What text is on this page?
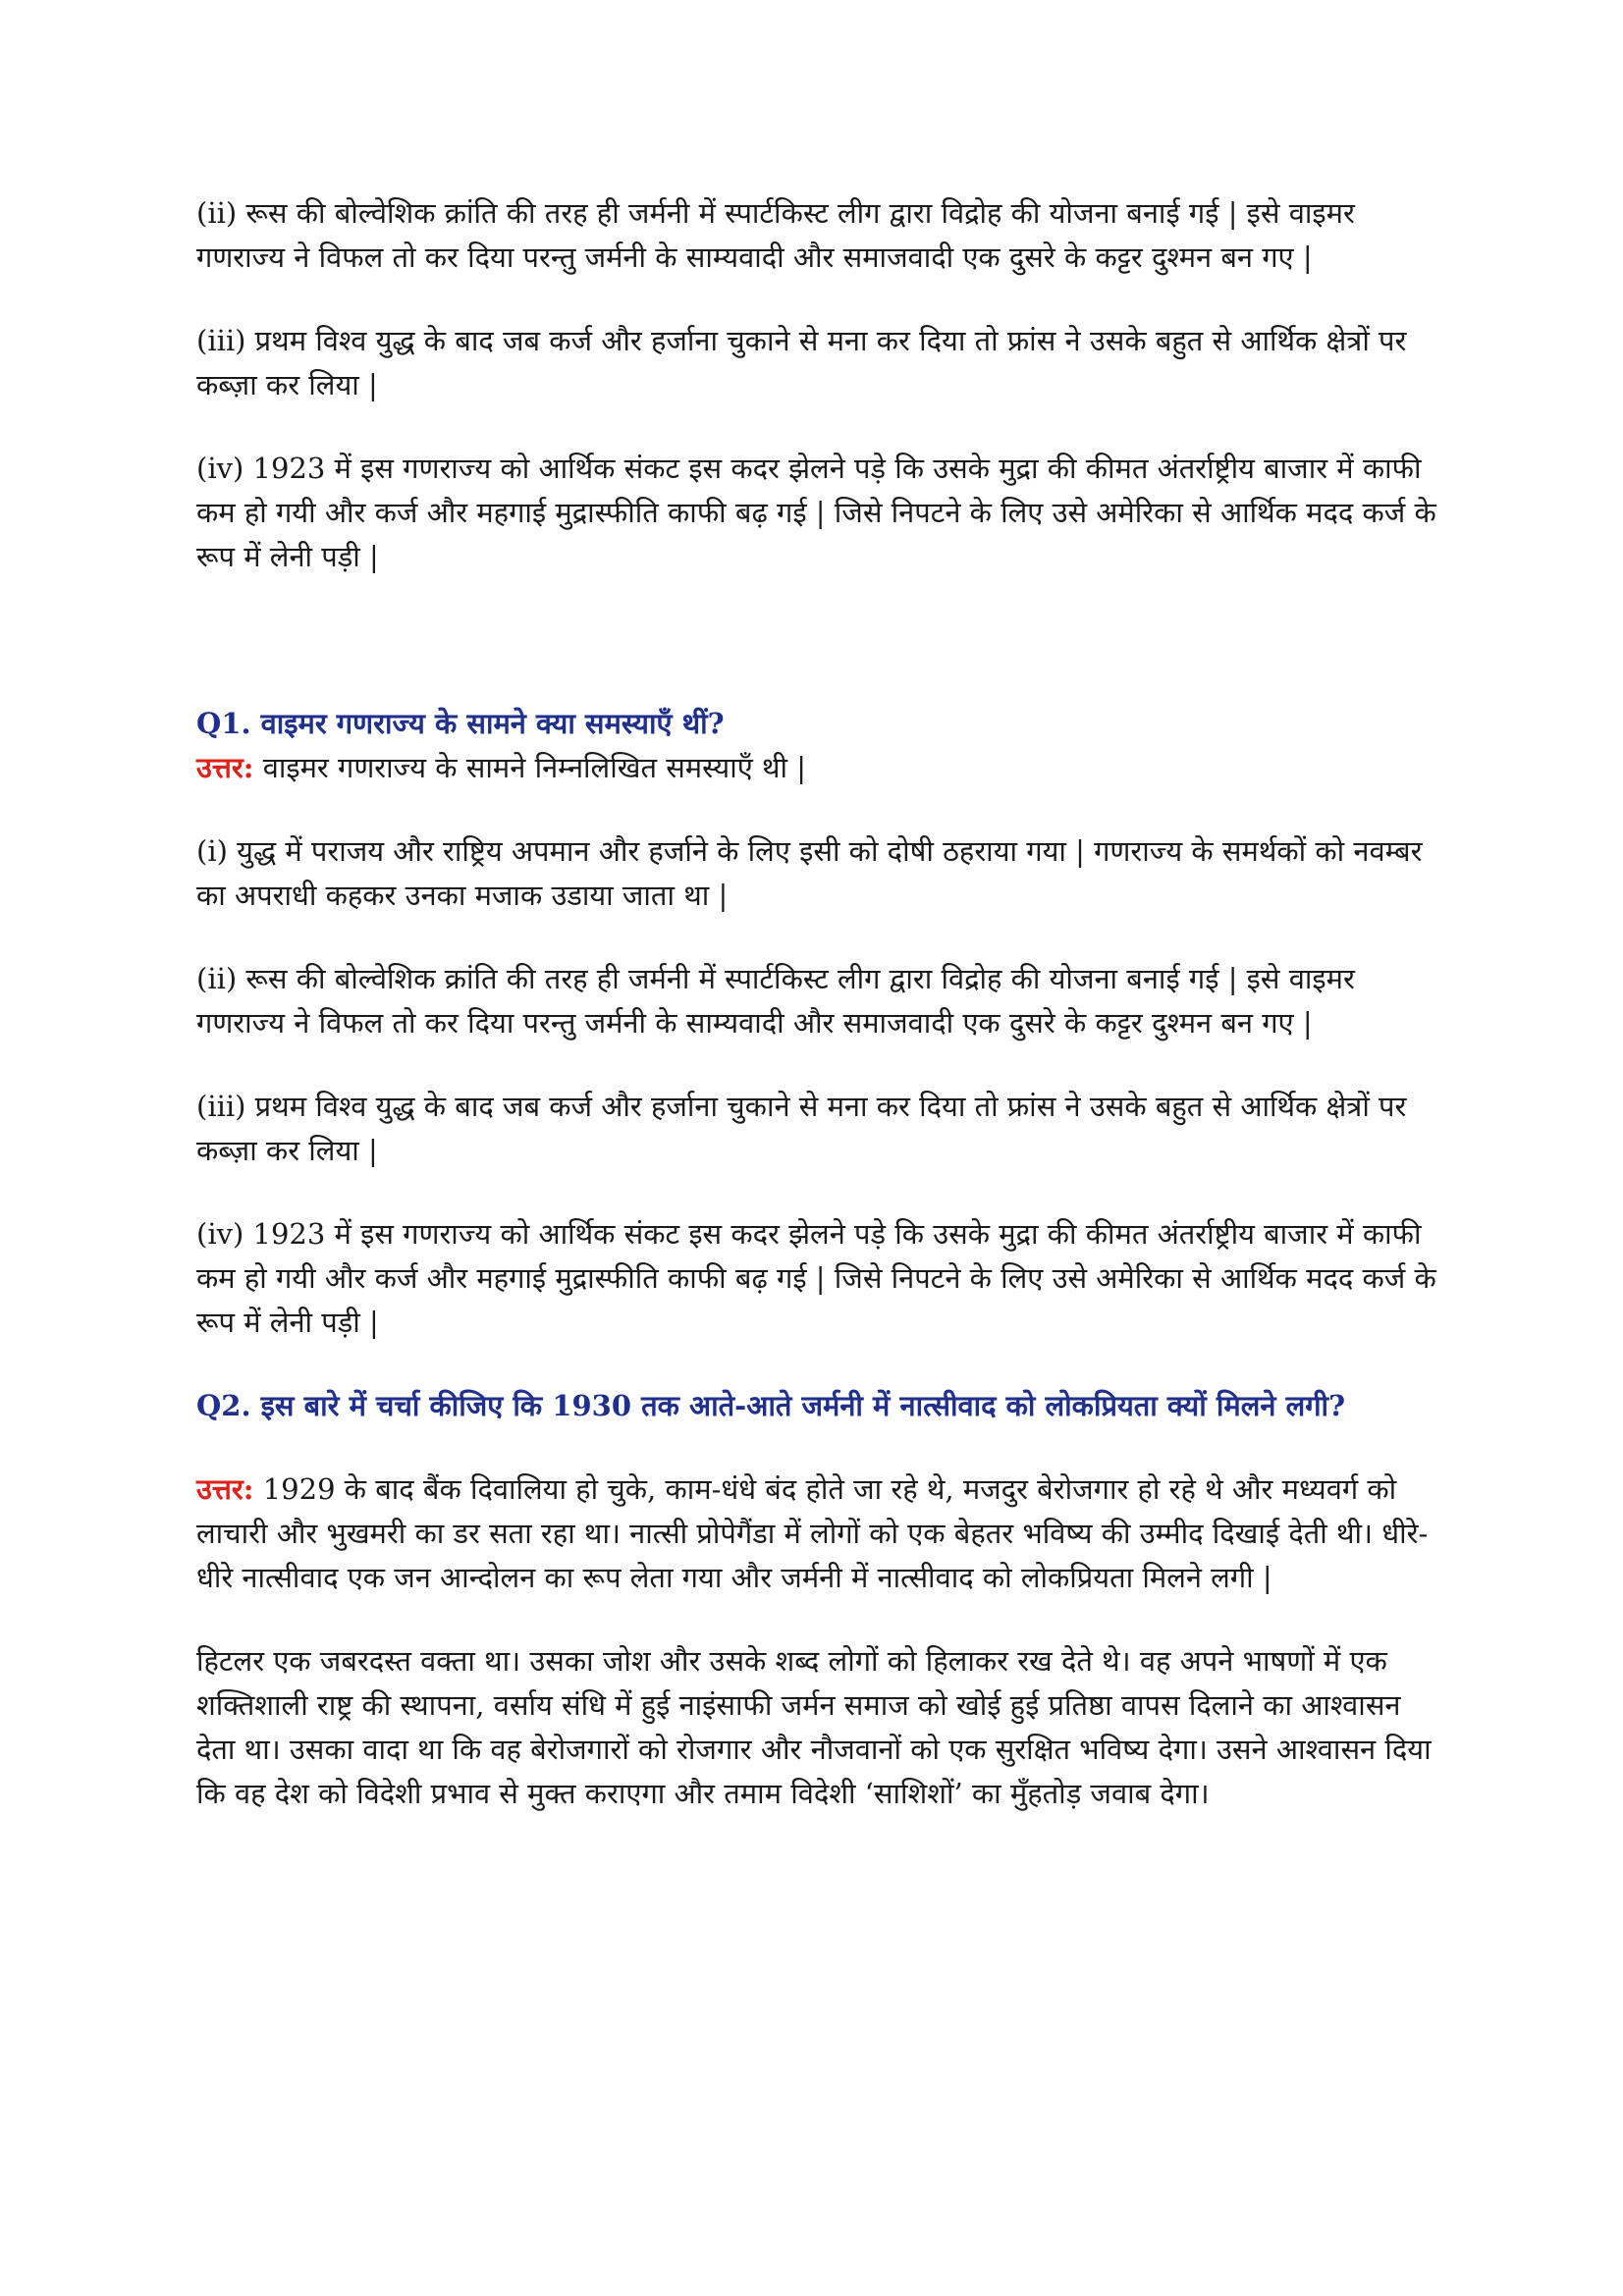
(ii) रूस की बोल्वेशिक क्रांति की तरह ही जर्मनी में स्पार्टकिस्ट लीग द्वारा विद्रोह की योजना बनाई गई | इसे वाइमर गणराज्य ने विफल तो कर दिया परन्तु जर्मनी के साम्यवादी और समाजवादी एक दुसरे के कट्टर दुश्मन बन गए |

(iii) प्रथम विश्व युद्ध के बाद जब कर्ज और हर्जाना चुकाने से मना कर दिया तो फ्रांस ने उसके बहुत से आर्थिक क्षेत्रों पर कब्ज़ा कर लिया |

(iv) 1923 में इस गणराज्य को आर्थिक संकट इस कदर झेलने पड़े कि उसके मुद्रा की कीमत अंतर्राष्ट्रीय बाजार में काफी कम हो गयी और कर्ज और महगाई मुद्रास्फीति काफी बढ़ गई | जिसे निपटने के लिए उसे अमेरिका से आर्थिक मदद कर्ज के रूप में लेनी पड़ी |

Q1. वाइमर गणराज्य के सामने क्या समस्याएँ थीं?

उत्तर: वाइमर गणराज्य के सामने निम्नलिखित समस्याएँ थी |

(i) युद्ध में पराजय और राष्ट्रिय अपमान और हर्जाने के लिए इसी को दोषी ठहराया गया | गणराज्य के समर्थकों को नवम्बर का अपराधी कहकर उनका मजाक उडाया जाता था |

(ii) रूस की बोल्वेशिक क्रांति की तरह ही जर्मनी में स्पार्टकिस्ट लीग द्वारा विद्रोह की योजना बनाई गई | इसे वाइमर गणराज्य ने विफल तो कर दिया परन्तु जर्मनी के साम्यवादी और समाजवादी एक दुसरे के कट्टर दुश्मन बन गए |

(iii) प्रथम विश्व युद्ध के बाद जब कर्ज और हर्जाना चुकाने से मना कर दिया तो फ्रांस ने उसके बहुत से आर्थिक क्षेत्रों पर कब्ज़ा कर लिया |

(iv) 1923 में इस गणराज्य को आर्थिक संकट इस कदर झेलने पड़े कि उसके मुद्रा की कीमत अंतर्राष्ट्रीय बाजार में काफी कम हो गयी और कर्ज और महगाई मुद्रास्फीति काफी बढ़ गई | जिसे निपटने के लिए उसे अमेरिका से आर्थिक मदद कर्ज के रूप में लेनी पड़ी |

Q2. इस बारे में चर्चा कीजिए कि 1930 तक आते-आते जर्मनी में नात्सीवाद को लोकप्रियता क्यों मिलने लगी?

उत्तर: 1929 के बाद बैंक दिवालिया हो चुके, काम-धंधे बंद होते जा रहे थे, मजदुर बेरोजगार हो रहे थे और मध्यवर्ग को लाचारी और भुखमरी का डर सता रहा था। नात्सी प्रोपेगैंडा में लोगों को एक बेहतर भविष्य की उम्मीद दिखाई देती थी। धीरे-धीरे नात्सीवाद एक जन आन्दोलन का रूप लेता गया और जर्मनी में नात्सीवाद को लोकप्रियता मिलने लगी |

हिटलर एक जबरदस्त वक्ता था। उसका जोश और उसके शब्द लोगों को हिलाकर रख देते थे। वह अपने भाषणों में एक शक्तिशाली राष्ट्र की स्थापना, वर्साय संधि में हुई नाइंसाफी जर्मन समाज को खोई हुई प्रतिष्ठा वापस दिलाने का आश्वासन देता था। उसका वादा था कि वह बेरोजगारों को रोजगार और नौजवानों को एक सुरक्षित भविष्य देगा। उसने आश्वासन दिया कि वह देश को विदेशी प्रभाव से मुक्त कराएगा और तमाम विदेशी ‘साशिशों’ का मुँहतोड़ जवाब देगा।
